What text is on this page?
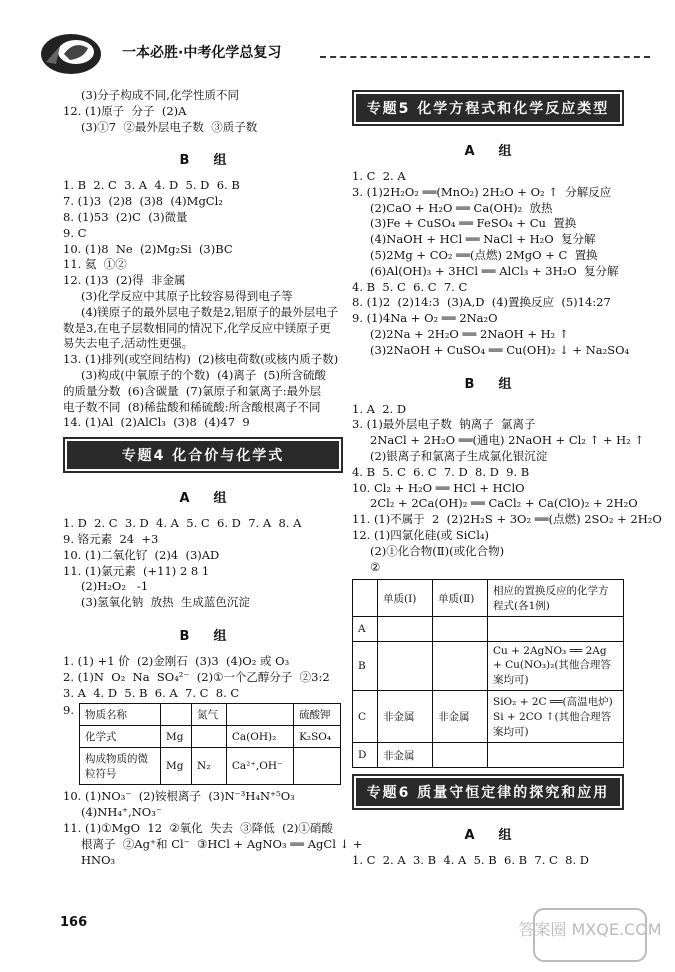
一本必胜·中考化学总复习
(3)分子构成不同,化学性质不同
12. (1)原子  分子  (2)A
(3)①7  ②最外层电子数  ③质子数
B组
1. B  2. C  3. A  4. D  5. D  6. B
7. (1)3  (2)8  (3)8  (4)MgCl₂
8. (1)53  (2)C  (3)微量
9. C
10. (1)8  Ne  (2)Mg₂Si  (3)BC
11. 氦  ①②
12. (1)3  (2)得  非金属
(3)化学反应中其原子比较容易得到电子等
(4)镁原子的最外层电子数是2,铝原子的最外层电子
数是3,在电子层数相同的情况下,化学反应中镁原子更
易失去电子,活动性更强。
13. (1)排列(或空间结构)  (2)核电荷数(或核内质子数)
(3)构成(中氧原子的个数)  (4)离子  (5)所含硫酸
的质量分数  (6)含碳量  (7)氯原子和氯离子:最外层
电子数不同  (8)稀盐酸和稀硫酸:所含酸根离子不同
14. (1)Al  (2)AlCl₃  (3)8  (4)47  9
专题4 化合价与化学式
A组
1. D  2. C  3. D  4. A  5. C  6. D  7. A  8. A
9. 铬元素  24  +3
10. (1)二氧化钌  (2)4  (3)AD
11. (1)氯元素  (+11) 2 8 1
(2)H₂O₂   -1
(3)氢氧化钠  放热  生成蓝色沉淀
B组
1. (1) +1 价  (2)金刚石  (3)3  (4)O₂ 或 O₃
2. (1)N  O₂  Na  SO₄²⁻  (2)①一个乙醇分子  ②3:2
3. A  4. D  5. B  6. A  7. C  8. C
9.	物质名称		氮气		硫酸钾
化学式	Mg		Ca(OH)₂	K₂SO₄
构成物质的微粒符号	Mg	N₂	Ca²⁺,OH⁻	
10. (1)NO₃⁻  (2)铵根离子  (3)N⁻³H₄N⁺⁵O₃
(4)NH₄⁺,NO₃⁻
11. (1)①MgO  12  ②氧化  失去  ③降低  (2)①硝酸
根离子  ②Ag⁺和 Cl⁻  ③HCl + AgNO₃ ══ AgCl ↓ +
HNO₃
专题5 化学方程式和化学反应类型
A组
1. C  2. A
3. (1)2H₂O₂ ══(MnO₂) 2H₂O + O₂ ↑  分解反应
(2)CaO + H₂O ══ Ca(OH)₂  放热
(3)Fe + CuSO₄ ══ FeSO₄ + Cu  置换
(4)NaOH + HCl ══ NaCl + H₂O  复分解
(5)2Mg + CO₂ ══(点燃) 2MgO + C  置换
(6)Al(OH)₃ + 3HCl ══ AlCl₃ + 3H₂O  复分解
4. B  5. C  6. C  7. C
8. (1)2  (2)14:3  (3)A,D  (4)置换反应  (5)14:27
9. (1)4Na + O₂ ══ 2Na₂O
(2)2Na + 2H₂O ══ 2NaOH + H₂ ↑
(3)2NaOH + CuSO₄ ══ Cu(OH)₂ ↓ + Na₂SO₄
B组
1. A  2. D
3. (1)最外层电子数  钠离子  氯离子
2NaCl + 2H₂O ══(通电) 2NaOH + Cl₂ ↑ + H₂ ↑
(2)银离子和氯离子生成氯化银沉淀
4. B  5. C  6. C  7. D  8. D  9. B
10. Cl₂ + H₂O ══ HCl + HClO
2Cl₂ + 2Ca(OH)₂ ══ CaCl₂ + Ca(ClO)₂ + 2H₂O
11. (1)不属于  2  (2)2H₂S + 3O₂ ══(点燃) 2SO₂ + 2H₂O
12. (1)四氯化硅(或 SiCl₄)
(2)①化合物(Ⅱ)(或化合物)
②
	单质(Ⅰ)	单质(Ⅱ)	相应的置换反应的化学方程式(各1例)
A			
B			Cu + 2AgNO₃ ══ 2Ag + Cu(NO₃)₂(其他合理答案均可)
C	非金属	非金属	SiO₂ + 2C ══(高温电炉) Si + 2CO ↑(其他合理答案均可)
D	非金属		
专题6 质量守恒定律的探究和应用
A组
1. C  2. A  3. B  4. A  5. B  6. B  7. C  8. D
166	答案圈 MXQE.COM
